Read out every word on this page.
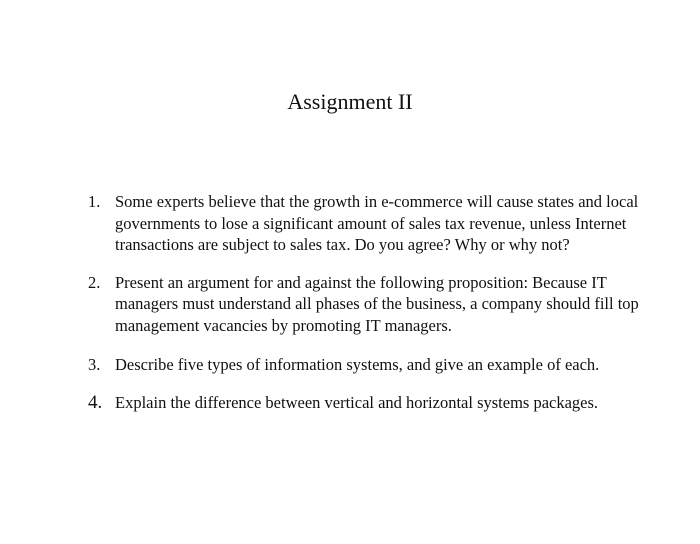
Assignment II
1. Some experts believe that the growth in e-commerce will cause states and local governments to lose a significant amount of sales tax revenue, unless Internet transactions are subject to sales tax. Do you agree? Why or why not?
2. Present an argument for and against the following proposition: Because IT managers must understand all phases of the business, a company should fill top management vacancies by promoting IT managers.
3. Describe five types of information systems, and give an example of each.
4. Explain the difference between vertical and horizontal systems packages.
